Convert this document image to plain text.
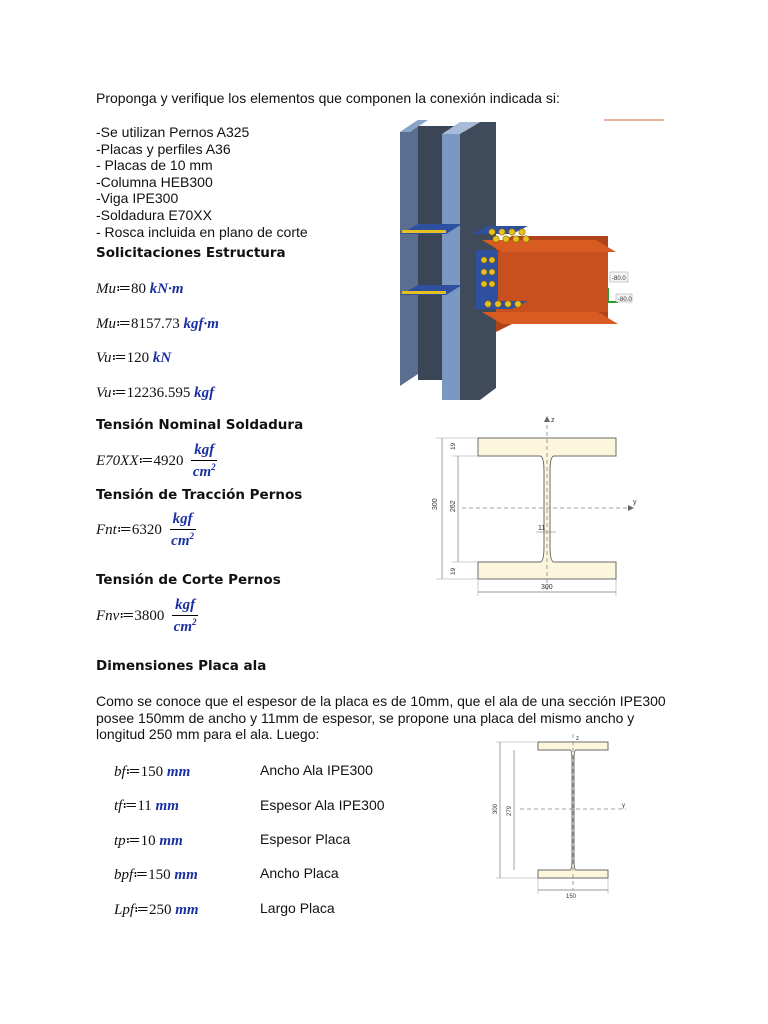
Proponga y verifique los elementos que componen la conexión indicada si:
-Se utilizan Pernos A325
-Placas y perfiles A36
- Placas de 10 mm
-Columna HEB300
-Viga IPE300
-Soldadura E70XX
- Rosca incluida en plano de corte
Solicitaciones Estructura
Tensión Nominal Soldadura
Tensión de Tracción Pernos
Tensión de Corte Pernos
Dimensiones Placa ala
Mu≔80 kN·m
Mu≔8157.73 kgf·m
Vu≔120 kN
Vu≔12236.595 kgf
E70XX≔4920 $\frac{\text{kgf}}{cm^2}$
Fnt≔6320 $\frac{\text{kgf}}{cm^2}$
Fnv≔3800 $\frac{\text{kgf}}{cm^2}$
Como se conoce que el espesor de la placa es de 10mm, que el ala de una sección IPE300 posee 150mm de ancho y 11mm de espesor, se propone una placa del mismo ancho y longitud 250 mm para el ala. Luego:
bf≔150 mm	Ancho Ala IPE300
tf≔11 mm	Espesor Ala IPE300
tp≔10 mm	Espesor Placa
bpf≔150 mm	Ancho Placa
Lpf≔250 mm	Largo Placa
-80.0
-80.0
z
y
300 262
19
19
11
300
z
y
300 279
150
